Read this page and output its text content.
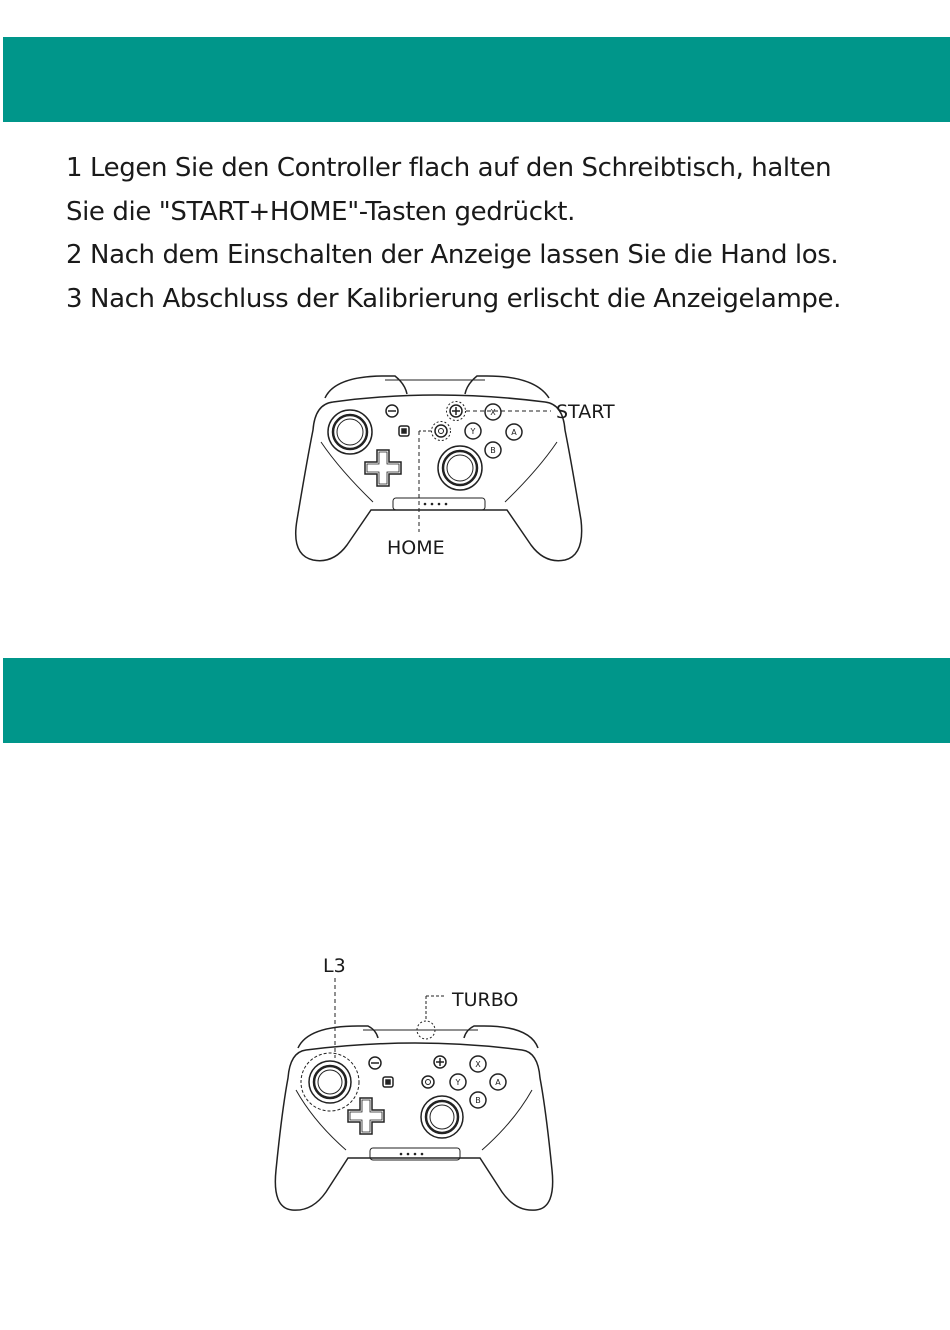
1 Legen Sie den Controller flach auf den Schreibtisch, halten
Sie die "START+HOME"-Tasten gedrückt.
2 Nach dem Einschalten der Anzeige lassen Sie die Hand los.
3 Nach Abschluss der Kalibrierung erlischt die Anzeigelampe.
X
Y	A
B
START
HOME
L3
TURBO
X
Y	A
B
